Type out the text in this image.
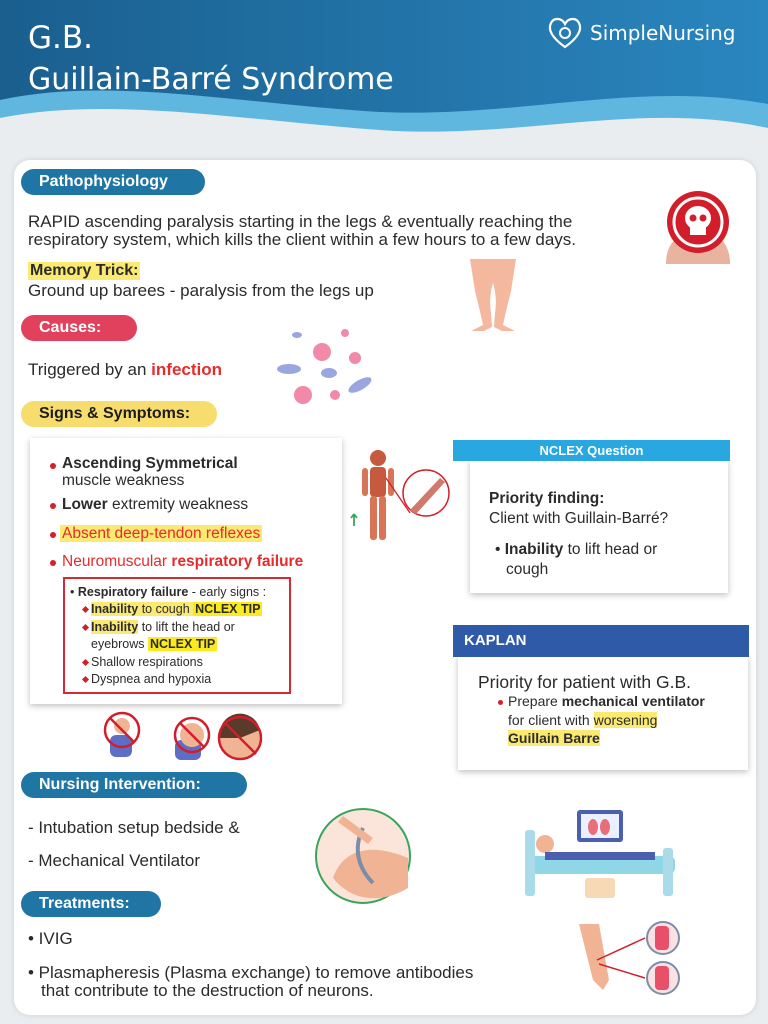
G.B.
Guillain-Barré Syndrome
SimpleNursing
Pathophysiology
RAPID ascending paralysis starting in the legs & eventually reaching the
respiratory system, which kills the client within a few hours to a few days.
Memory Trick:
Ground up barees - paralysis from the legs up
Causes:
Triggered by an infection
Signs & Symptoms:
Ascending Symmetrical
muscle weakness
Lower extremity weakness
Absent deep-tendon reflexes
Neuromuscular respiratory failure
• Respiratory failure - early signs :
Inability to cough NCLEX TIP
Inability to lift the head or
eyebrows NCLEX TIP
Shallow respirations
Dyspnea and hypoxia
NCLEX Question
Priority finding:
Client with Guillain-Barré?
• Inability to lift head or
cough
KAPLAN
Priority for patient with G.B.
Prepare mechanical ventilator
for client with worsening
Guillain Barre
Nursing Intervention:
- Intubation setup bedside &
- Mechanical Ventilator
Treatments:
• IVIG
• Plasmapheresis (Plasma exchange) to remove antibodies
that contribute to the destruction of neurons.
